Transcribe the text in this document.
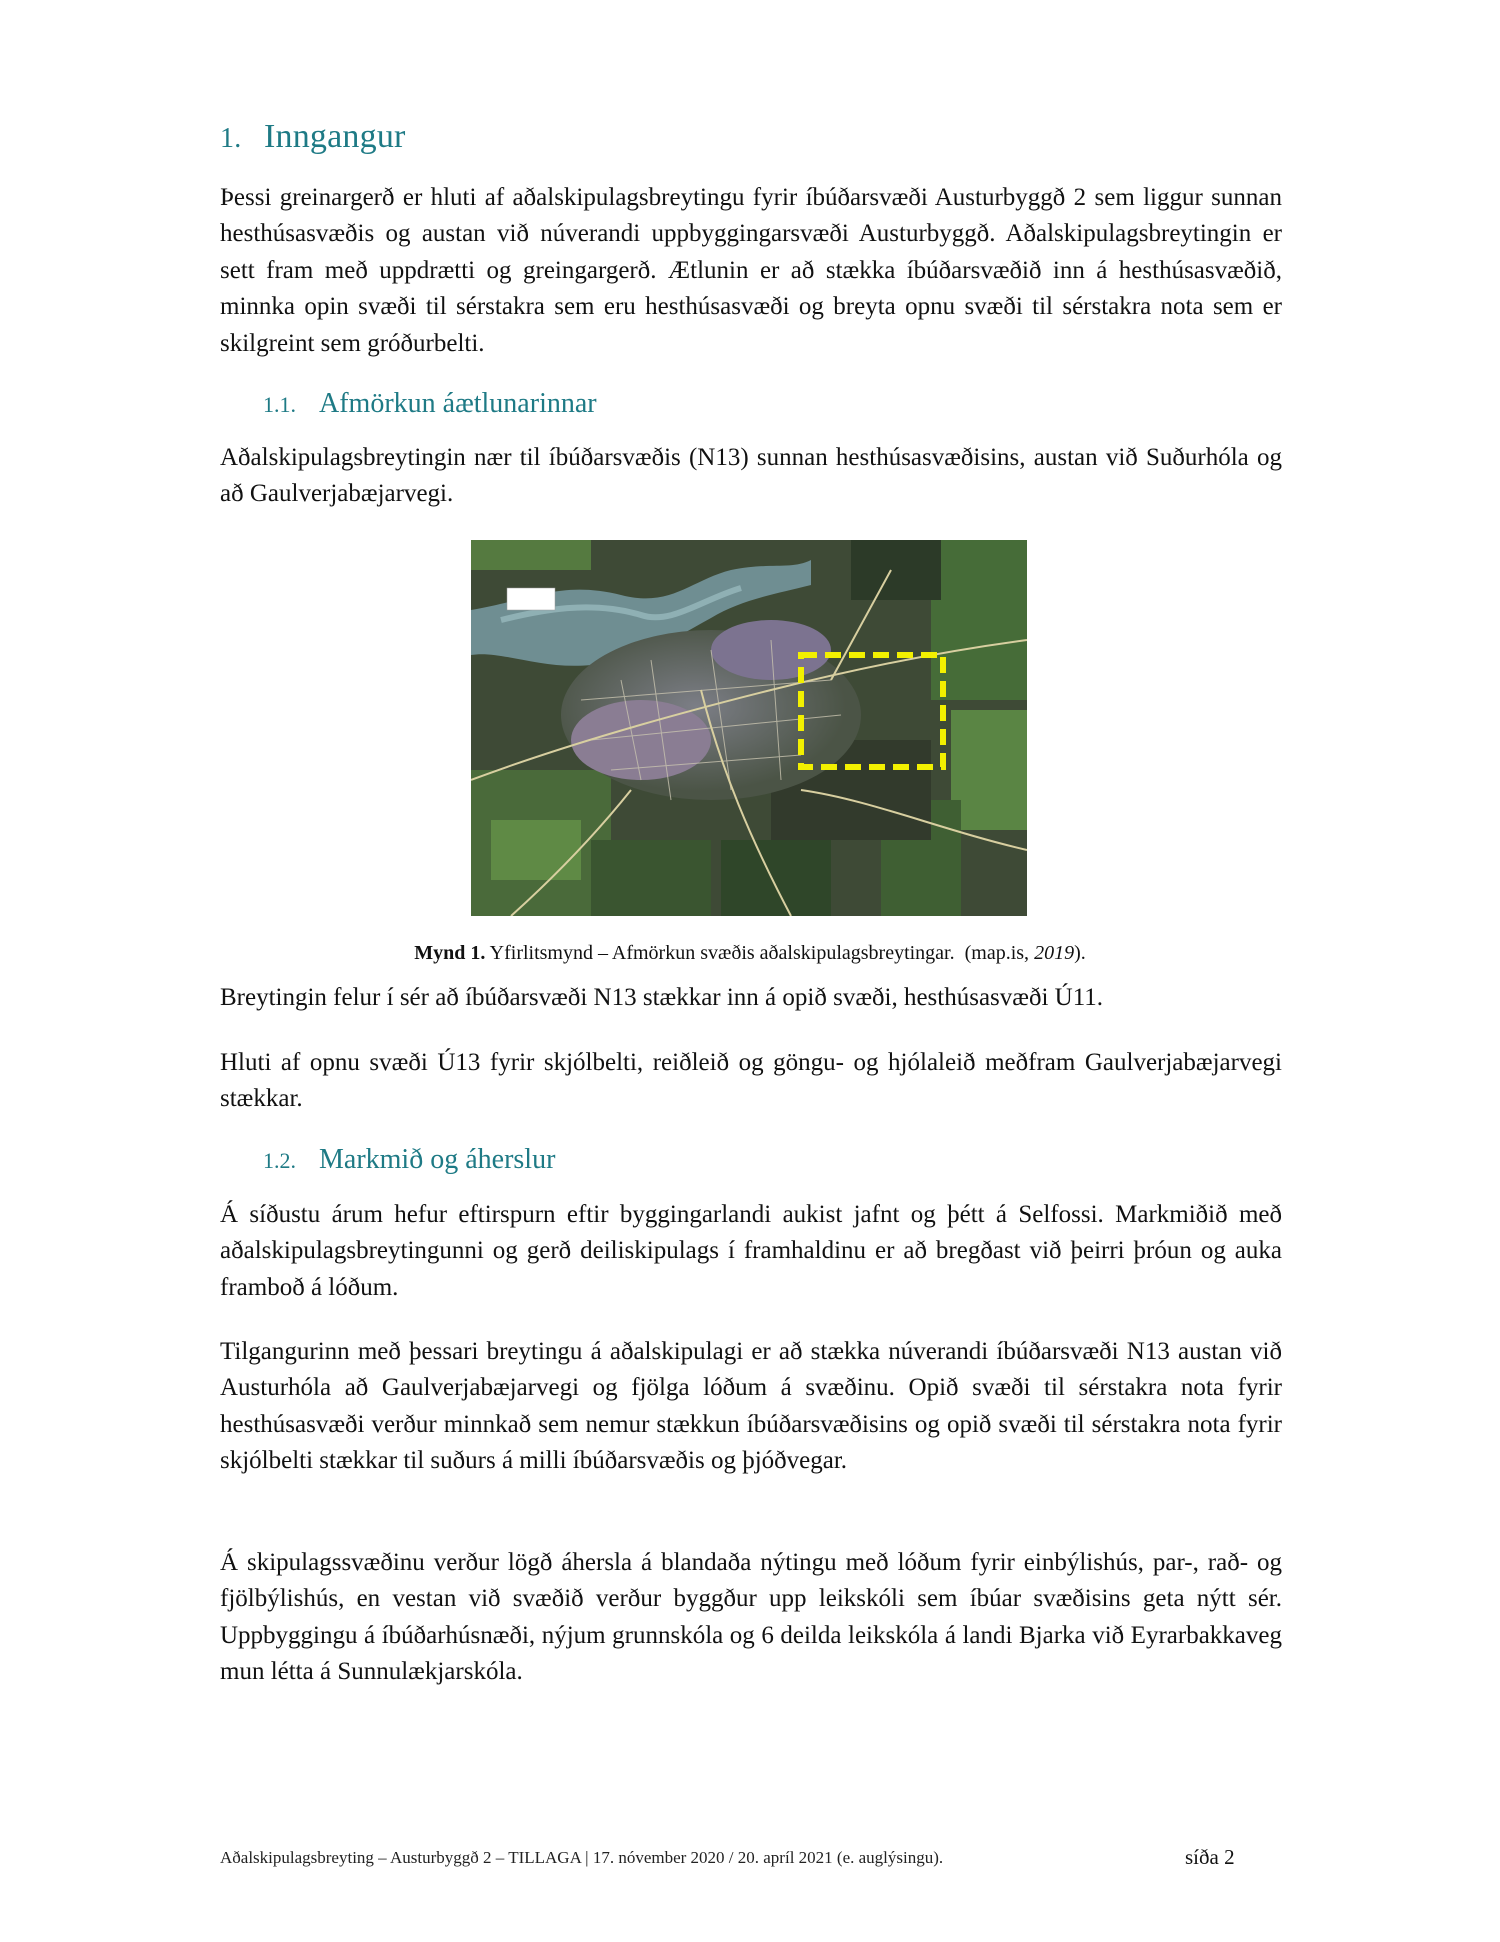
1. Inngangur

Þessi greinargerð er hluti af aðalskipulagsbreytingu fyrir íbúðarsvæði Austurbyggð 2 sem liggur sunnan hesthúsasvæðis og austan við núverandi uppbyggingarsvæði Austurbyggð. Aðalskipulagsbreytingin er sett fram með uppdrætti og greingargerð. Ætlunin er að stækka íbúðarsvæðið inn á hesthúsasvæðið, minnka opin svæði til sérstakra sem eru hesthúsasvæði og breyta opnu svæði til sérstakra nota sem er skilgreint sem gróðurbelti.

1.1. Afmörkun áætlunarinnar

Aðalskipulagsbreytingin nær til íbúðarsvæðis (N13) sunnan hesthúsasvæðisins, austan við Suðurhóla og að Gaulverjabæjarvegi.

Mynd 1. Yfirlitsmynd – Afmörkun svæðis aðalskipulagsbreytingar. (map.is, 2019).

Breytingin felur í sér að íbúðarsvæði N13 stækkar inn á opið svæði, hesthúsasvæði Ú11.

Hluti af opnu svæði Ú13 fyrir skjólbelti, reiðleið og göngu- og hjólaleið meðfram Gaulverjabæjarvegi stækkar.

1.2. Markmið og áherslur

Á síðustu árum hefur eftirspurn eftir byggingarlandi aukist jafnt og þétt á Selfossi. Markmiðið með aðalskipulagsbreytingunni og gerð deiliskipulags í framhaldinu er að bregðast við þeirri þróun og auka framboð á lóðum.

Tilgangurinn með þessari breytingu á aðalskipulagi er að stækka núverandi íbúðarsvæði N13 austan við Austurhóla að Gaulverjabæjarvegi og fjölga lóðum á svæðinu. Opið svæði til sérstakra nota fyrir hesthúsasvæði verður minnkað sem nemur stækkun íbúðarsvæðisins og opið svæði til sérstakra nota fyrir skjólbelti stækkar til suðurs á milli íbúðarsvæðis og þjóðvegar.

Á skipulagssvæðinu verður lögð áhersla á blandaða nýtingu með lóðum fyrir einbýlishús, par-, rað- og fjölbýlishús, en vestan við svæðið verður byggður upp leikskóli sem íbúar svæðisins geta nýtt sér. Uppbyggingu á íbúðarhúsnæði, nýjum grunnskóla og 6 deilda leikskóla á landi Bjarka við Eyrarbakkaveg mun létta á Sunnulækjarskóla.

Aðalskipulagsbreyting – Austurbyggð 2 – TILLAGA | 17. nóvember 2020 / 20. apríl 2021 (e. auglýsingu).	síða 2
